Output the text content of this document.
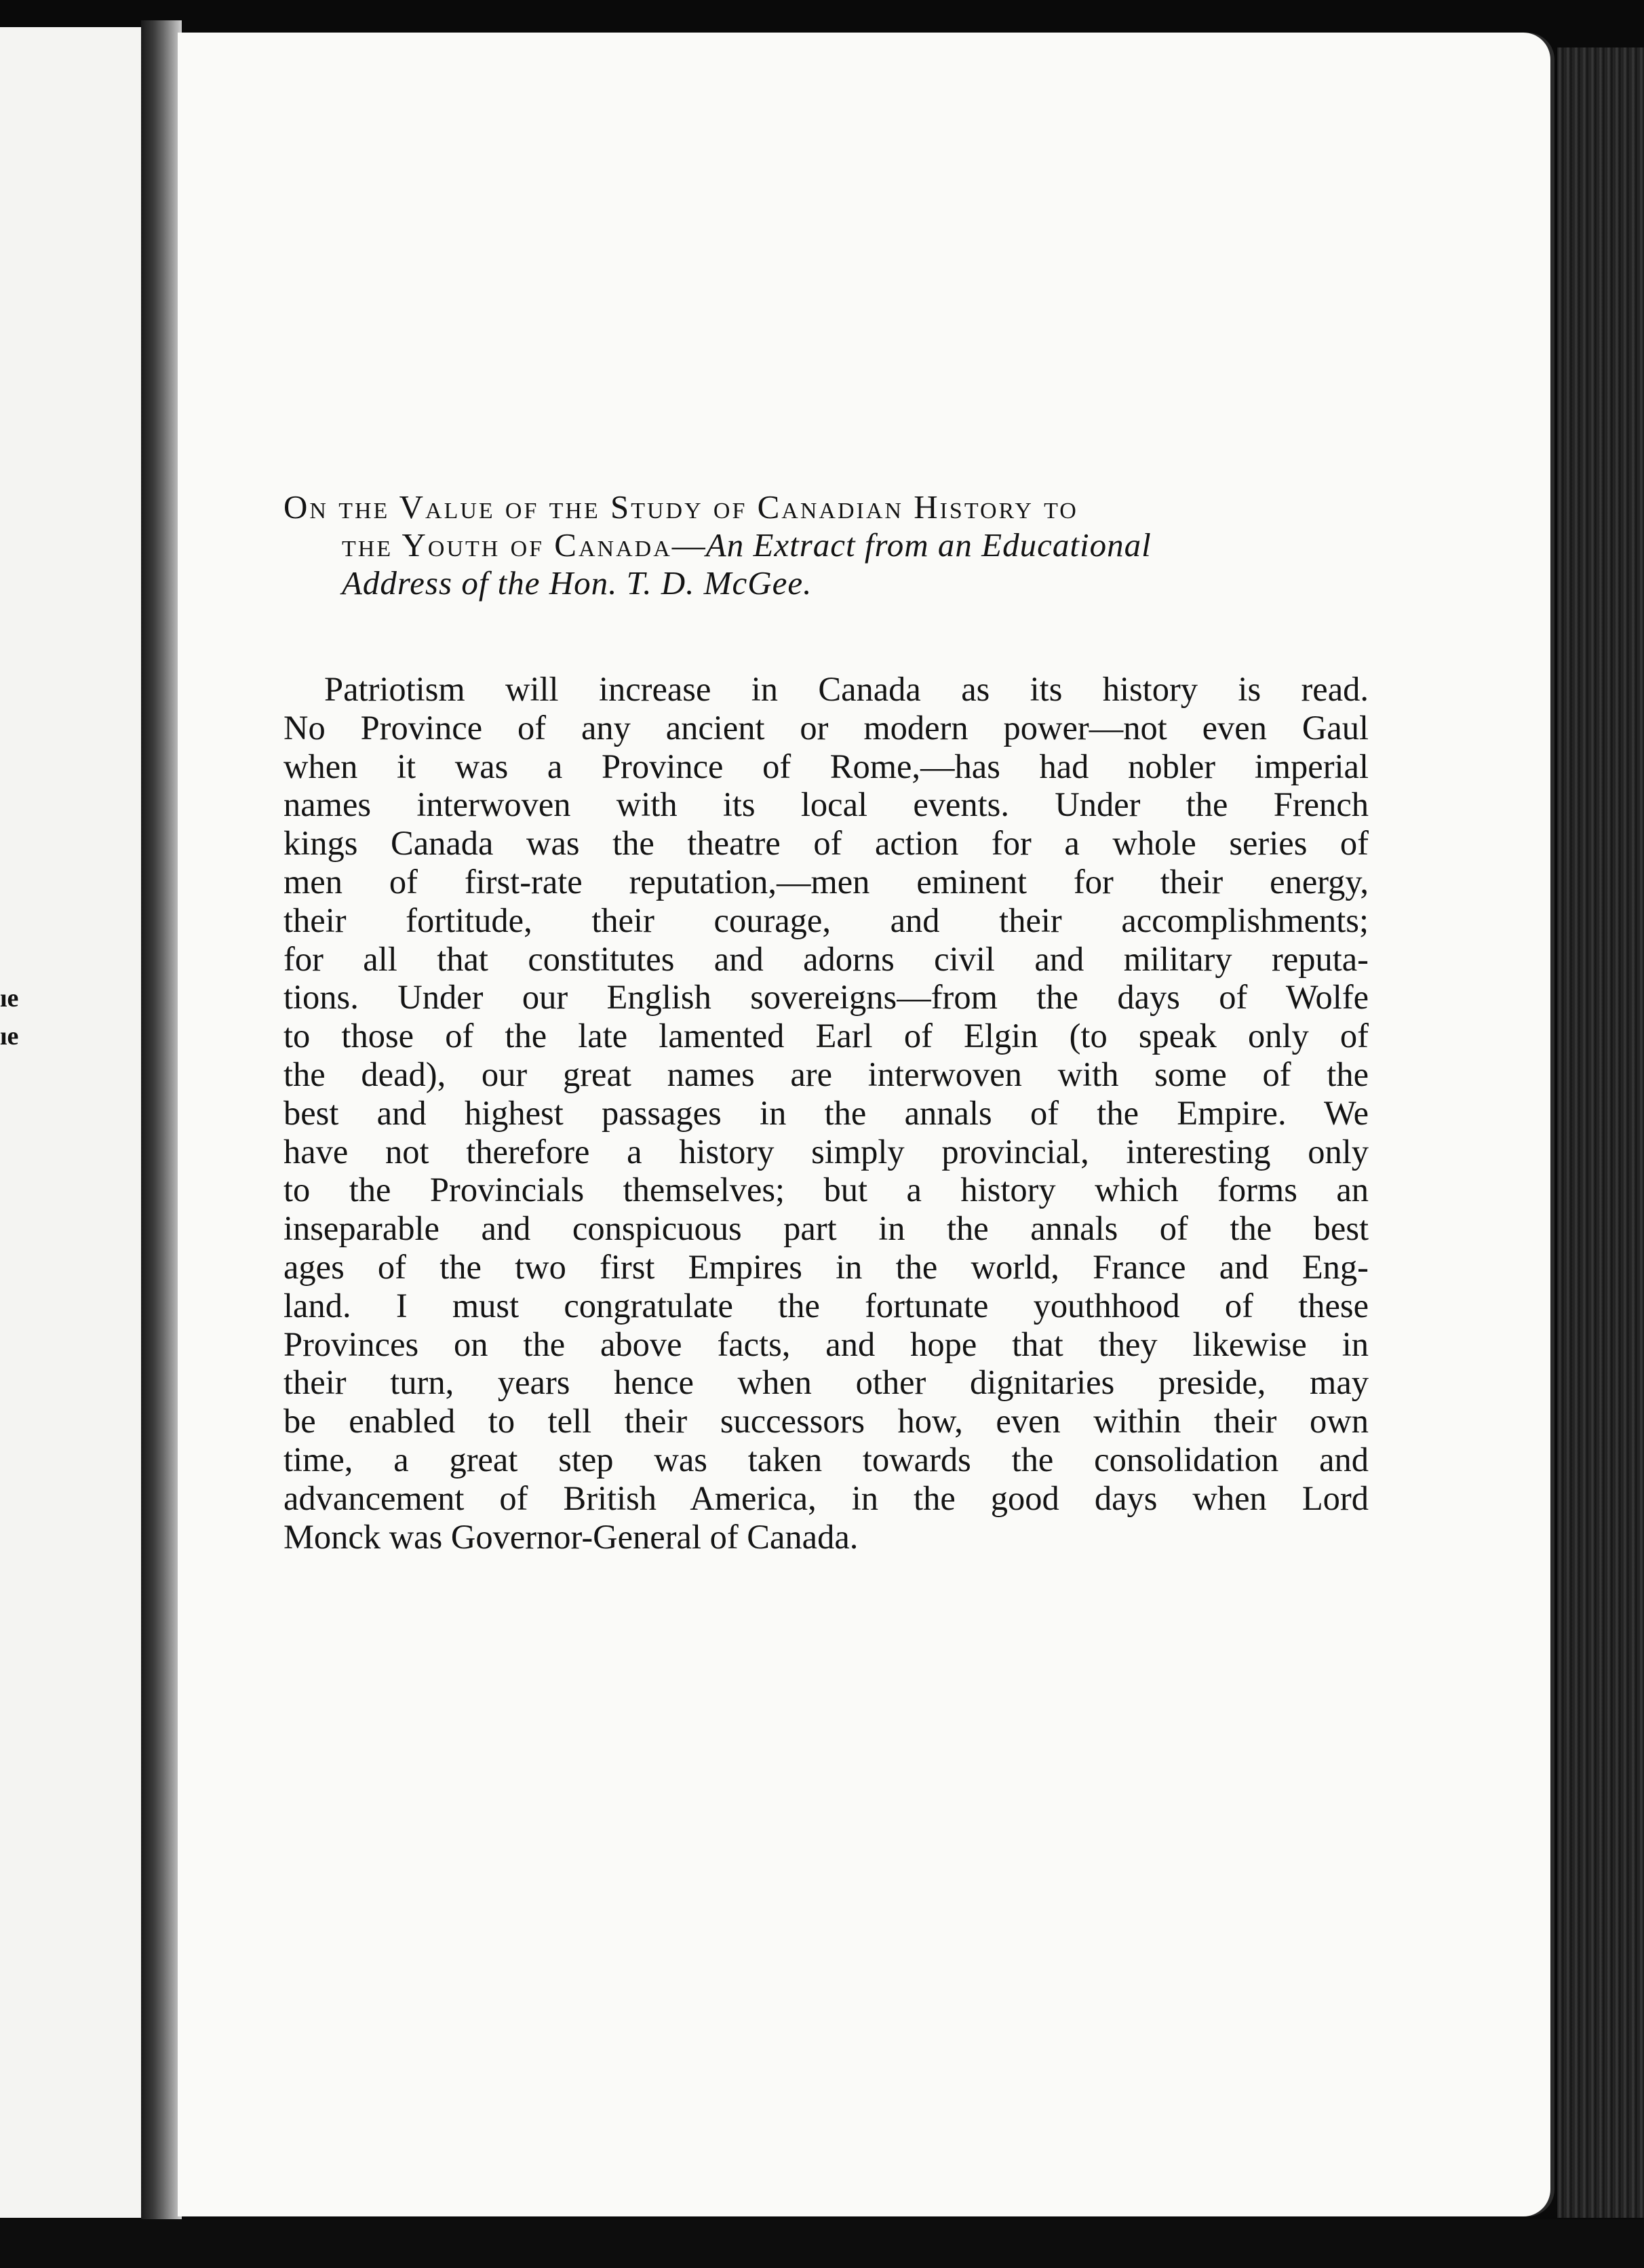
ıe
ıe
On the Value of the Study of Canadian History to
the Youth of Canada—An Extract from an Educational
Address of the Hon. T. D. McGee.
Patriotism will increase in Canada as its history is read.
No Province of any ancient or modern power—not even Gaul
when it was a Province of Rome,—has had nobler imperial
names interwoven with its local events. Under the French
kings Canada was the theatre of action for a whole series of
men of first-rate reputation,—men eminent for their energy,
their fortitude, their courage, and their accomplishments;
for all that constitutes and adorns civil and military reputa-
tions. Under our English sovereigns—from the days of Wolfe
to those of the late lamented Earl of Elgin (to speak only of
the dead), our great names are interwoven with some of the
best and highest passages in the annals of the Empire. We
have not therefore a history simply provincial, interesting only
to the Provincials themselves; but a history which forms an
inseparable and conspicuous part in the annals of the best
ages of the two first Empires in the world, France and Eng-
land. I must congratulate the fortunate youthhood of these
Provinces on the above facts, and hope that they likewise in
their turn, years hence when other dignitaries preside, may
be enabled to tell their successors how, even within their own
time, a great step was taken towards the consolidation and
advancement of British America, in the good days when Lord
Monck was Governor-General of Canada.
